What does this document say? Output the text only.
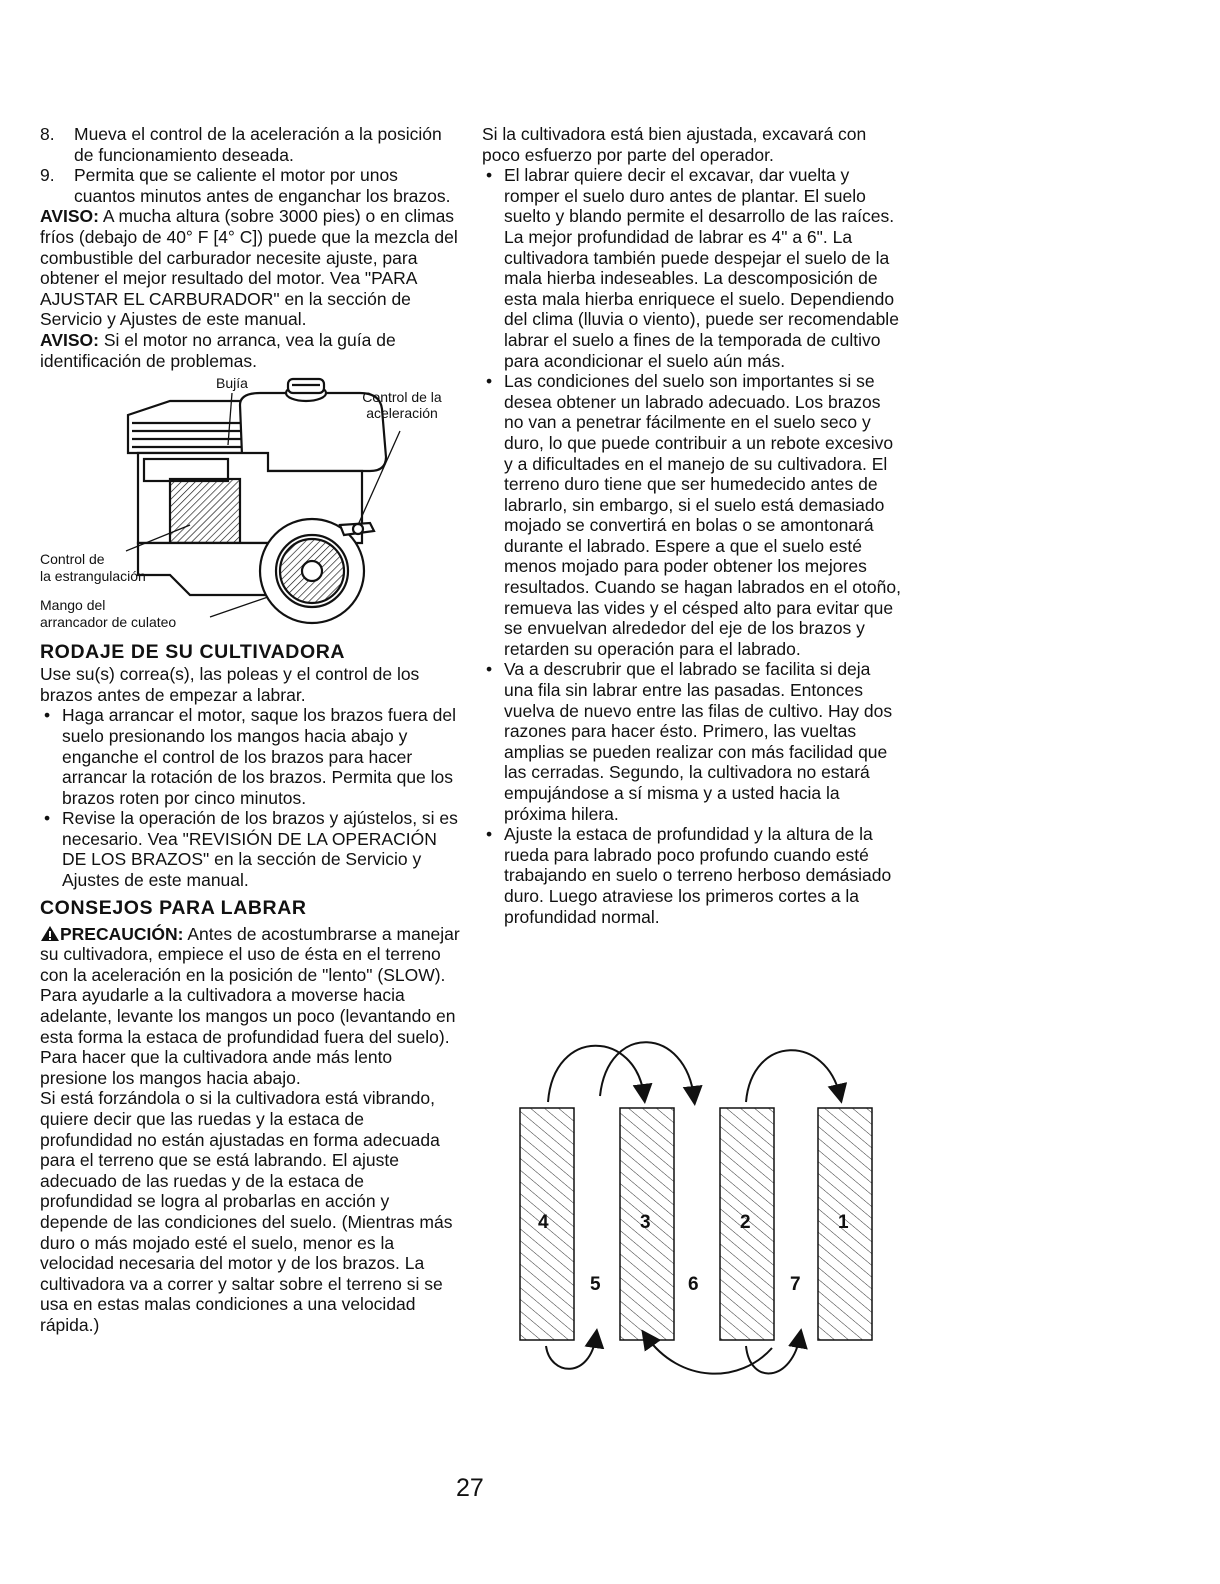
8. Mueva el control de la aceleración a la posición de funcionamiento deseada.
9. Permita que se caliente el motor por unos cuantos minutos antes de enganchar los brazos.

AVISO: A mucha altura (sobre 3000 pies) o en climas fríos (debajo de 40° F [4° C]) puede que la mezcla del combustible del carburador necesite ajuste, para obtener el mejor resultado del motor. Vea "PARA AJUSTAR EL CARBURADOR" en la sección de Servicio y Ajustes de este manual.

AVISO: Si el motor no arranca, vea la guía de identificación de problemas.

Bujía
Control de la aceleración
Control de
la estrangulación
Mango del
arrancador de culateo
RODAJE DE SU CULTIVADORA

Use su(s) correa(s), las poleas y el control de los brazos antes de empezar a labrar.

• Haga arrancar el motor, saque los brazos fuera del suelo presionando los mangos hacia abajo y enganche el control de los brazos para hacer arrancar la rotación de los brazos. Permita que los brazos roten por cinco minutos.
• Revise la operación de los brazos y ajústelos, si es necesario. Vea "REVISIÓN DE LA OPERACIÓN DE LOS BRAZOS" en la sección de Servicio y Ajustes de este manual.
CONSEJOS PARA LABRAR

PRECAUCIÓN: Antes de acostumbrarse a manejar su cultivadora, empiece el uso de ésta en el terreno con la aceleración en la posición de "lento" (SLOW).

Para ayudarle a la cultivadora a moverse hacia adelante, levante los mangos un poco (levantando en esta forma la estaca de profundidad fuera del suelo). Para hacer que la cultivadora ande más lento presione los mangos hacia abajo.

Si está forzándola o si la cultivadora está vibrando, quiere decir que las ruedas y la estaca de profundidad no están ajustadas en forma adecuada para el terreno que se está labrando. El ajuste adecuado de las ruedas y de la estaca de profundidad se logra al probarlas en acción y depende de las condiciones del suelo. (Mientras más duro o más mojado esté el suelo, menor es la velocidad necesaria del motor y de los brazos. La cultivadora va a correr y saltar sobre el terreno si se usa en estas malas condiciones a una velocidad rápida.)

Si la cultivadora está bien ajustada, excavará con poco esfuerzo por parte del operador.

• El labrar quiere decir el excavar, dar vuelta y romper el suelo duro antes de plantar. El suelo suelto y blando permite el desarrollo de las raíces. La mejor profundidad de labrar es 4" a 6". La cultivadora también puede despejar el suelo de la mala hierba indeseables. La descomposición de esta mala hierba enriquece el suelo. Dependiendo del clima (lluvia o viento), puede ser recomendable labrar el suelo a fines de la temporada de cultivo para acondicionar el suelo aún más.
• Las condiciones del suelo son importantes si se desea obtener un labrado adecuado. Los brazos no van a penetrar fácilmente en el suelo seco y duro, lo que puede contribuir a un rebote excesivo y a dificultades en el manejo de su cultivadora. El terreno duro tiene que ser humedecido antes de labrarlo, sin embargo, si el suelo está demasiado mojado se convertirá en bolas o se amontonará durante el labrado. Espere a que el suelo esté menos mojado para poder obtener los mejores resultados. Cuando se hagan labrados en el otoño, remueva las vides y el césped alto para evitar que se envuelvan alrededor del eje de los brazos y retarden su operación para el labrado.
• Va a descrubrir que el labrado se facilita si deja una fila sin labrar entre las pasadas. Entonces vuelva de nuevo entre las filas de cultivo. Hay dos razones para hacer ésto. Primero, las vueltas amplias se pueden realizar con más facilidad que las cerradas. Segundo, la cultivadora no estará empujándose a sí misma y a usted hacia la próxima hilera.
• Ajuste la estaca de profundidad y la altura de la rueda para labrado poco profundo cuando esté trabajando en suelo o terreno herboso demásiado duro. Luego atraviese los primeros cortes a la profundidad normal.
4	3	2	1
5	6	7
27
